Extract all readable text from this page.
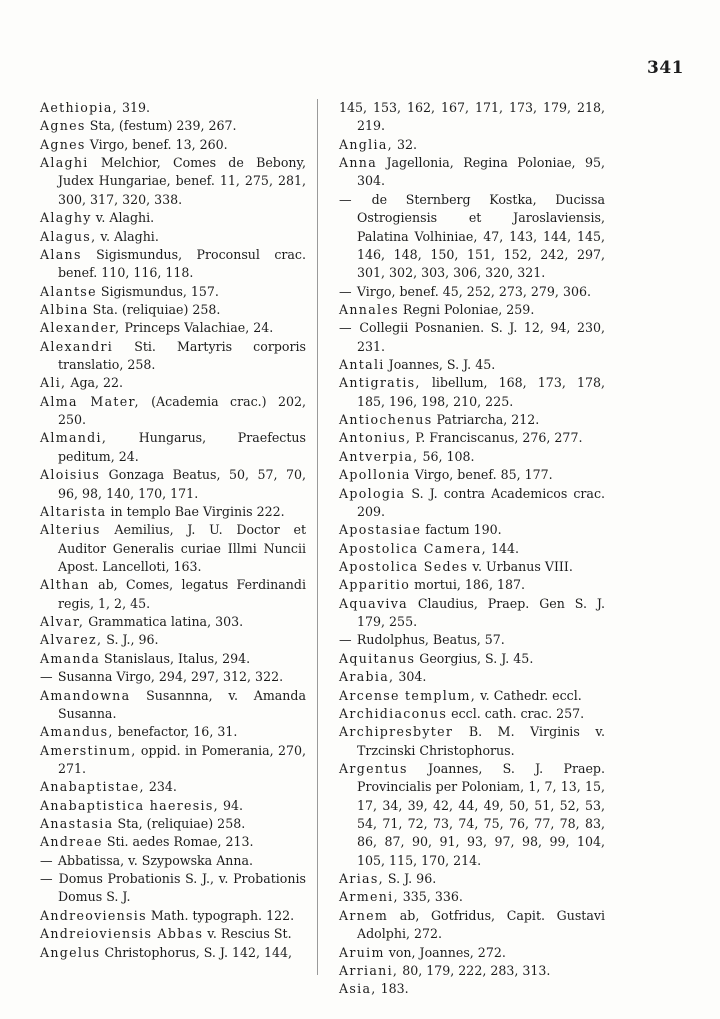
341
Aethiopia, 319.
Agnes Sta, (festum) 239, 267.
Agnes Virgo, benef. 13, 260.
Alaghi Melchior, Comes de Bebony, Judex Hungariae, benef. 11, 275, 281, 300, 317, 320, 338.
Alaghy v. Alaghi.
Alagus, v. Alaghi.
Alans Sigismundus, Proconsul crac. benef. 110, 116, 118.
Alantse Sigismundus, 157.
Albina Sta. (reliquiae) 258.
Alexander, Princeps Valachiae, 24.
Alexandri Sti. Martyris corporis translatio, 258.
Ali, Aga, 22.
Alma Mater, (Academia crac.) 202, 250.
Almandi, Hungarus, Praefectus peditum, 24.
Aloisius Gonzaga Beatus, 50, 57, 70, 96, 98, 140, 170, 171.
Altarista in templo Bae Virginis 222.
Alterius Aemilius, J. U. Doctor et Auditor Generalis curiae Illmi Nuncii Apost. Lancelloti, 163.
Althan ab, Comes, legatus Ferdinandi regis, 1, 2, 45.
Alvar, Grammatica latina, 303.
Alvarez, S. J., 96.
Amanda Stanislaus, Italus, 294.
— Susanna Virgo, 294, 297, 312, 322.
Amandowna Susannna, v. Amanda Susanna.
Amandus, benefactor, 16, 31.
Amerstinum, oppid. in Pomerania, 270, 271.
Anabaptistae, 234.
Anabaptistica haeresis, 94.
Anastasia Sta, (reliquiae) 258.
Andreae Sti. aedes Romae, 213.
— Abbatissa, v. Szypowska Anna.
— Domus Probationis S. J., v. Probationis Domus S. J.
Andreoviensis Math. typograph. 122.
Andreioviensis Abbas v. Rescius St.
Angelus Christophorus, S. J. 142, 144,
145, 153, 162, 167, 171, 173, 179, 218, 219.
Anglia, 32.
Anna Jagellonia, Regina Poloniae, 95, 304.
— de Sternberg Kostka, Ducissa Ostrogiensis et Jaroslaviensis, Palatina Volhiniae, 47, 143, 144, 145, 146, 148, 150, 151, 152, 242, 297, 301, 302, 303, 306, 320, 321.
— Virgo, benef. 45, 252, 273, 279, 306.
Annales Regni Poloniae, 259.
— Collegii Posnanien. S. J. 12, 94, 230, 231.
Antali Joannes, S. J. 45.
Antigratis, libellum, 168, 173, 178, 185, 196, 198, 210, 225.
Antiochenus Patriarcha, 212.
Antonius, P. Franciscanus, 276, 277.
Antverpia, 56, 108.
Apollonia Virgo, benef. 85, 177.
Apologia S. J. contra Academicos crac. 209.
Apostasiae factum 190.
Apostolica Camera, 144.
Apostolica Sedes v. Urbanus VIII.
Apparitio mortui, 186, 187.
Aquaviva Claudius, Praep. Gen S. J. 179, 255.
— Rudolphus, Beatus, 57.
Aquitanus Georgius, S. J. 45.
Arabia, 304.
Arcense templum, v. Cathedr. eccl.
Archidiaconus eccl. cath. crac. 257.
Archipresbyter B. M. Virginis v. Trzcinski Christophorus.
Argentus Joannes, S. J. Praep. Provincialis per Poloniam, 1, 7, 13, 15, 17, 34, 39, 42, 44, 49, 50, 51, 52, 53, 54, 71, 72, 73, 74, 75, 76, 77, 78, 83, 86, 87, 90, 91, 93, 97, 98, 99, 104, 105, 115, 170, 214.
Arias, S. J. 96.
Armeni, 335, 336.
Arnem ab, Gotfridus, Capit. Gustavi Adolphi, 272.
Aruim von, Joannes, 272.
Arriani, 80, 179, 222, 283, 313.
Asia, 183.
